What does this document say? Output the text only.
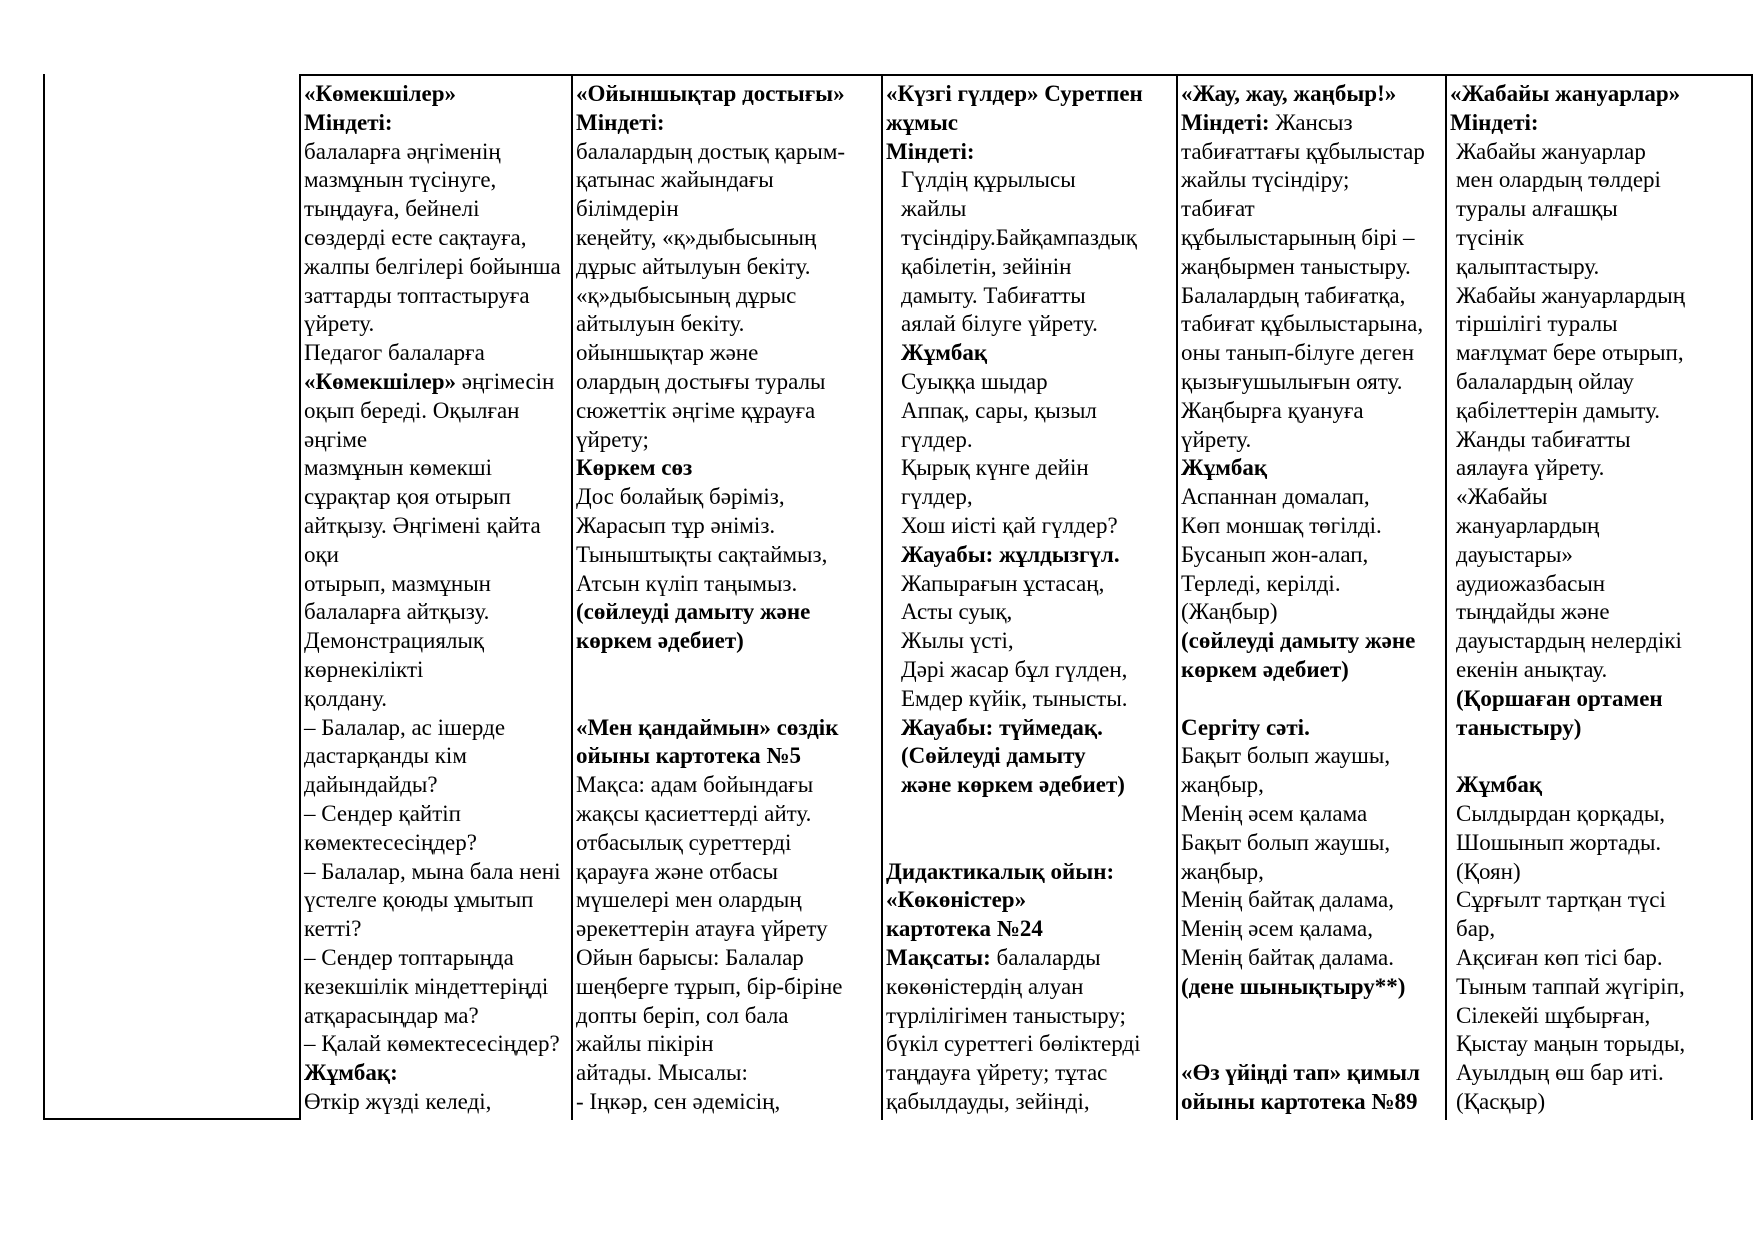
«Көмекшілер»
Міндеті:
балаларға әңгіменің
мазмұнын түсінуге,
тыңдауға, бейнелі
сөздерді есте сақтауға,
жалпы белгілері бойынша
заттарды топтастыруға
үйрету.
Педагог балаларға
«Көмекшілер» әңгімесін
оқып береді. Оқылған
әңгіме
мазмұнын көмекші
сұрақтар қоя отырып
айтқызу. Әңгімені қайта
оқи
отырып, мазмұнын
балаларға айтқызу.
Демонстрациялық
көрнекілікті
қолдану.
– Балалар, ас ішерде
дастарқанды кім
дайындайды?
– Сендер қайтіп
көмектесесіңдер?
– Балалар, мына бала нені
үстелге қоюды ұмытып
кетті?
– Сендер топтарыңда
кезекшілік міндеттеріңді
атқарасыңдар ма?
– Қалай көмектесесіңдер?
Жұмбақ:
Өткір жүзді келеді,
«Ойыншықтар достығы»
Міндеті:
балалардың достық қарым-
қатынас жайындағы
білімдерін
кеңейту, «қ»дыбысының
дұрыс айтылуын бекіту.
«қ»дыбысының дұрыс
айтылуын бекіту.
ойыншықтар және
олардың достығы туралы
сюжеттік әңгіме құрауға
үйрету;
Көркем сөз
Дос болайық бәріміз,
Жарасып тұр әніміз.
Тыныштықты сақтаймыз,
Атсын күліп таңымыз.
(сөйлеуді дамыту және
көркем әдебиет)
«Мен қандаймын» сөздік
ойыны картотека №5
Мақса: адам бойындағы
жақсы қасиеттерді айту.
отбасылық суреттерді
қарауға және отбасы
мүшелері мен олардың
әрекеттерін атауға үйрету
Ойын барысы: Балалар
шеңберге тұрып, бір-біріне
допты беріп, сол бала
жайлы пікірін
айтады. Мысалы:
- Іңкәр, сен әдемісің,
«Күзгі гүлдер» Суретпен
жұмыс
Міндеті:
Гүлдің құрылысы
жайлы
түсіндіру.Байқампаздық
қабілетін, зейінін
дамыту. Табиғатты
аялай білуге үйрету.
Жұмбақ
Суыққа шыдар
Аппақ, сары, қызыл
гүлдер.
Қырық күнге дейін
гүлдер,
Хош иісті қай гүлдер?
Жауабы: жұлдызгүл.
Жапырағын ұстасаң,
Асты суық,
Жылы үсті,
Дәрі жасар бұл гүлден,
Емдер күйік, тынысты.
Жауабы: түймедақ.
(Сөйлеуді дамыту
және көркем әдебиет)
Дидактикалық ойын:
«Көкөністер»
картотека №24
Мақсаты: балаларды
көкөністердің алуан
түрлілігімен таныстыру;
бүкіл суреттегі бөліктерді
таңдауға үйрету; тұтас
қабылдауды, зейінді,
«Жау, жау, жаңбыр!»
Міндеті: Жансыз
табиғаттағы құбылыстар
жайлы түсіндіру;
табиғат
құбылыстарының бірі –
жаңбырмен таныстыру.
Балалардың табиғатқа,
табиғат құбылыстарына,
оны танып-білуге деген
қызығушылығын ояту.
Жаңбырға қуануға
үйрету.
Жұмбақ
Аспаннан домалап,
Көп моншақ төгілді.
Бусанып жон-алап,
Терледі, керілді.
(Жаңбыр)
(сөйлеуді дамыту және
көркем әдебиет)
Сергіту сәті.
Бақыт болып жаушы,
жаңбыр,
Менің әсем қалама
Бақыт болып жаушы,
жаңбыр,
Менің байтақ далама,
Менің әсем қалама,
Менің байтақ далама.
(дене шынықтыру**)
«Өз үйіңді тап» қимыл
ойыны картотека №89
«Жабайы жануарлар»
Міндеті:
Жабайы жануарлар
мен олардың төлдері
туралы алғашқы
түсінік
қалыптастыру.
Жабайы жануарлардың
тіршілігі туралы
мағлұмат бере отырып,
балалардың ойлау
қабілеттерін дамыту.
Жанды табиғатты
аялауға үйрету.
«Жабайы
жануарлардың
дауыстары»
аудиожазбасын
тыңдайды және
дауыстардың нелердікі
екенін анықтау.
(Қоршаған ортамен
таныстыру)
Жұмбақ
Сылдырдан қорқады,
Шошынып жортады.
(Қоян)
Сұрғылт тартқан түсі
бар,
Ақсиған көп тісі бар.
Тыным таппай жүгіріп,
Сілекейі шұбырған,
Қыстау маңын торыды,
Ауылдың өш бар иті.
(Қасқыр)
